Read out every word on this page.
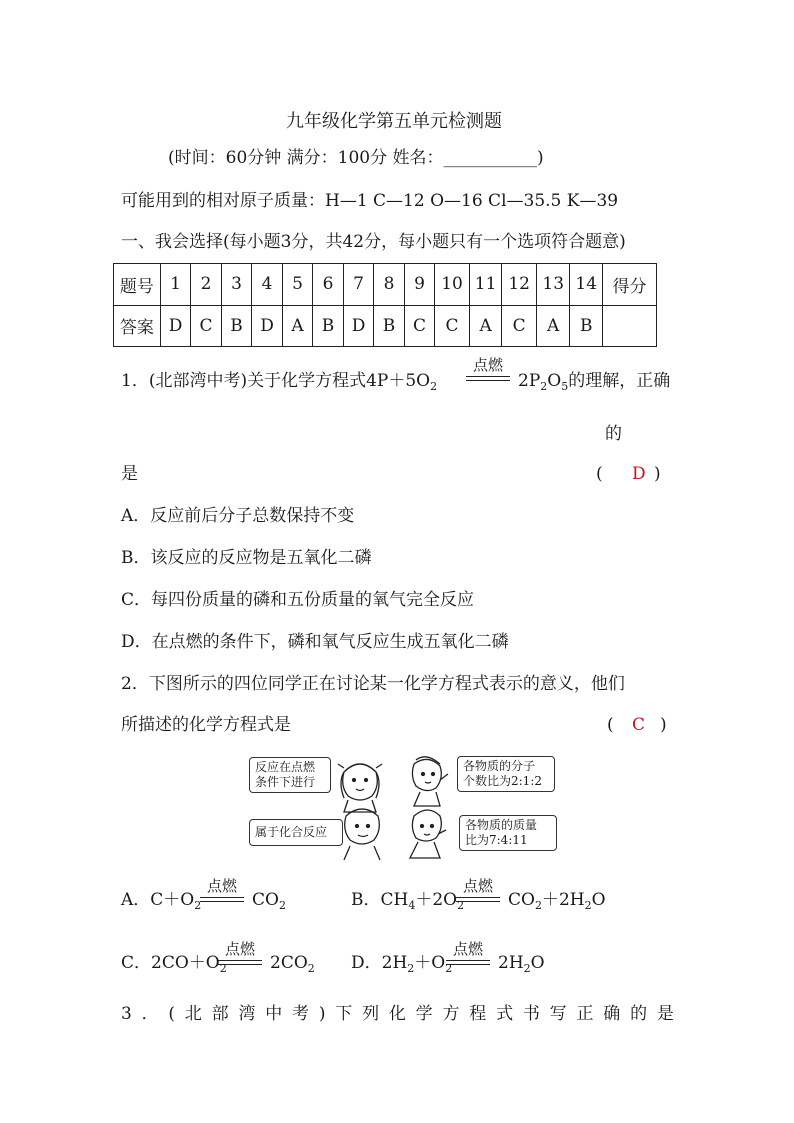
九年级化学第五单元检测题
(时间：60分钟 满分：100分 姓名：___________)
可能用到的相对原子质量：H—1 C—12 O—16 Cl—35.5 K—39
一、我会选择(每小题3分，共42分，每小题只有一个选项符合题意)
题号	1	2	3	4	5	6	7	8	9	10	11	12	13	14	得分
答案	D	C	B	D	A	B	D	B	C	C	A	C	A	B	
1．(北部湾中考)关于化学方程式$4P+5O_2$
点燃
$2P_2O_5$的理解，正确
的
是	( D )
A．反应前后分子总数保持不变
B．该反应的反应物是五氧化二磷
C．每四份质量的磷和五份质量的氧气完全反应
D．在点燃的条件下，磷和氧气反应生成五氧化二磷
2．下图所示的四位同学正在讨论某一化学方程式表示的意义，他们
所描述的化学方程式是	( C )
反应在点燃
条件下进行
各物质的分子
个数比为2:1:2
属于化合反应	各物质的质量
比为7:4:11
A．$C+O_2$
点燃
$CO_2$	B．$CH_4+2O_2$
点燃
$CO_2+2H_2O$
C．$2CO+O_2$
点燃
$2CO_2$ D．$2H_2+O_2$
点燃
$2H_2O$
3．(北部湾中考)下列化学方程式书写正确的是
